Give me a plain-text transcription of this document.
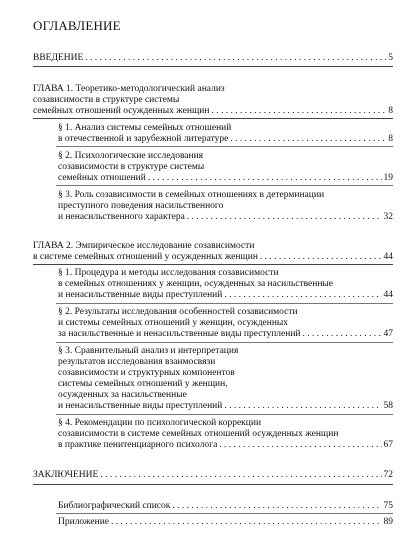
ОГЛАВЛЕНИЕ
ВВЕДЕНИЕ . . .	5
ГЛАВА 1. Теоретико-методологический анализ
созависимости в структуре системы
семейных отношений осужденных женщин . . .	8
§ 1. Анализ системы семейных отношений
в отечественной и зарубежной литературе . . .	8
§ 2. Психологические исследования
созависимости в структуре системы
семейных отношений . . .	19
§ 3. Роль созависимости в семейных отношениях в детерминации
преступного поведения насильственного
и ненасильственного характера . . .	32
ГЛАВА 2. Эмпирическое исследование созависимости
в системе семейных отношений у осужденных женщин . . .	44
§ 1. Процедура и методы исследования созависимости
в семейных отношениях у женщин, осужденных за насильственные
и ненасильственные виды преступлений . . .	44
§ 2. Результаты исследования особенностей созависимости
и системы семейных отношений у женщин, осужденных
за насильственные и ненасильственные виды преступлений . . .	47
§ 3. Сравнительный анализ и интерпретация
результатов исследования взаимосвязи
созависимости и структурных компонентов
системы семейных отношений у женщин,
осужденных за насильственные
и ненасильственные виды преступлений . . .	58
§ 4. Рекомендации по психологической коррекции
созависимости в системе семейных отношений осужденных женщин
в практике пенитенциарного психолога . . .	67
ЗАКЛЮЧЕНИЕ . . .	72
Библиографический список . . .	75
Приложение . . .	89
